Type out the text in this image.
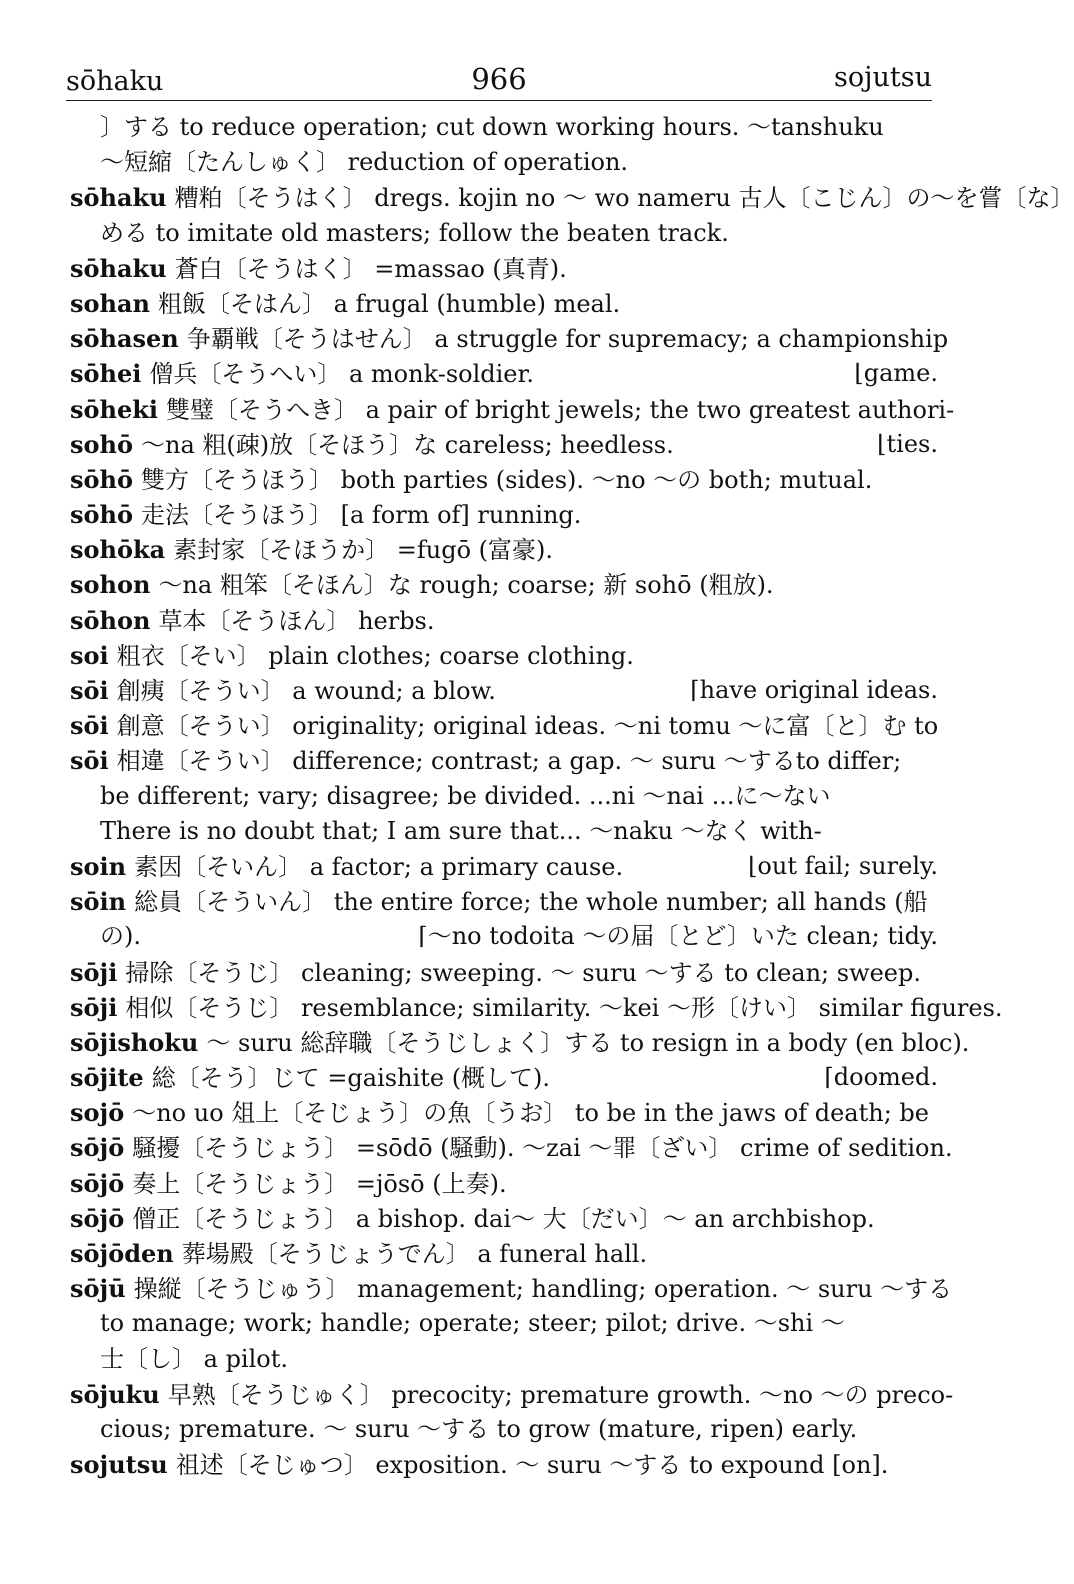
sōhaku	966	sojutsu
〕する to reduce operation; cut down working hours. ～tanshuku
～短縮〔たんしゅく〕 reduction of operation.
sōhaku 糟粕〔そうはく〕 dregs. kojin no ～ wo nameru 古人〔こじん〕の～を嘗〔な〕
める to imitate old masters; follow the beaten track.
sōhaku 蒼白〔そうはく〕 =massao (真青).
sohan 粗飯〔そはん〕 a frugal (humble) meal.
sōhasen 争覇戦〔そうはせん〕 a struggle for supremacy; a championship
sōhei 僧兵〔そうへい〕 a monk-soldier.	⌊game.
sōheki 雙璧〔そうへき〕 a pair of bright jewels; the two greatest authori-
sohō ～na 粗(疎)放〔そほう〕な careless; heedless.	⌊ties.
sōhō 雙方〔そうほう〕 both parties (sides). ～no ～の both; mutual.
sōhō 走法〔そうほう〕 [a form of] running.
sohōka 素封家〔そほうか〕 =fugō (富豪).
sohon ～na 粗笨〔そほん〕な rough; coarse; 新 sohō (粗放).
sōhon 草本〔そうほん〕 herbs.
soi 粗衣〔そい〕 plain clothes; coarse clothing.
sōi 創痍〔そうい〕 a wound; a blow.	⌈have original ideas.
sōi 創意〔そうい〕 originality; original ideas. ～ni tomu ～に富〔と〕む to
sōi 相違〔そうい〕 difference; contrast; a gap. ～ suru ～するto differ;
be different; vary; disagree; be divided. ...ni ～nai ...に～ない
There is no doubt that; I am sure that... ～naku ～なく with-
soin 素因〔そいん〕 a factor; a primary cause.	⌊out fail; surely.
sōin 総員〔そういん〕 the entire force; the whole number; all hands (船
の).	⌈～no todoita ～の届〔とど〕いた clean; tidy.
sōji 掃除〔そうじ〕 cleaning; sweeping. ～ suru ～する to clean; sweep.
sōji 相似〔そうじ〕 resemblance; similarity. ～kei ～形〔けい〕 similar figures.
sōjishoku ～ suru 総辞職〔そうじしょく〕する to resign in a body (en bloc).
sōjite 総〔そう〕じて =gaishite (概して).	⌈doomed.
sojō ～no uo 俎上〔そじょう〕の魚〔うお〕 to be in the jaws of death; be
sōjō 騒擾〔そうじょう〕 =sōdō (騒動). ～zai ～罪〔ざい〕 crime of sedition.
sōjō 奏上〔そうじょう〕 =jōsō (上奏).
sōjō 僧正〔そうじょう〕 a bishop. dai～ 大〔だい〕～ an archbishop.
sōjōden 葬場殿〔そうじょうでん〕 a funeral hall.
sōjū 操縦〔そうじゅう〕 management; handling; operation. ～ suru ～する
to manage; work; handle; operate; steer; pilot; drive. ～shi ～
士〔し〕 a pilot.
sōjuku 早熟〔そうじゅく〕 precocity; premature growth. ～no ～の preco-
cious; premature. ～ suru ～する to grow (mature, ripen) early.
sojutsu 祖述〔そじゅつ〕 exposition. ～ suru ～する to expound [on].
